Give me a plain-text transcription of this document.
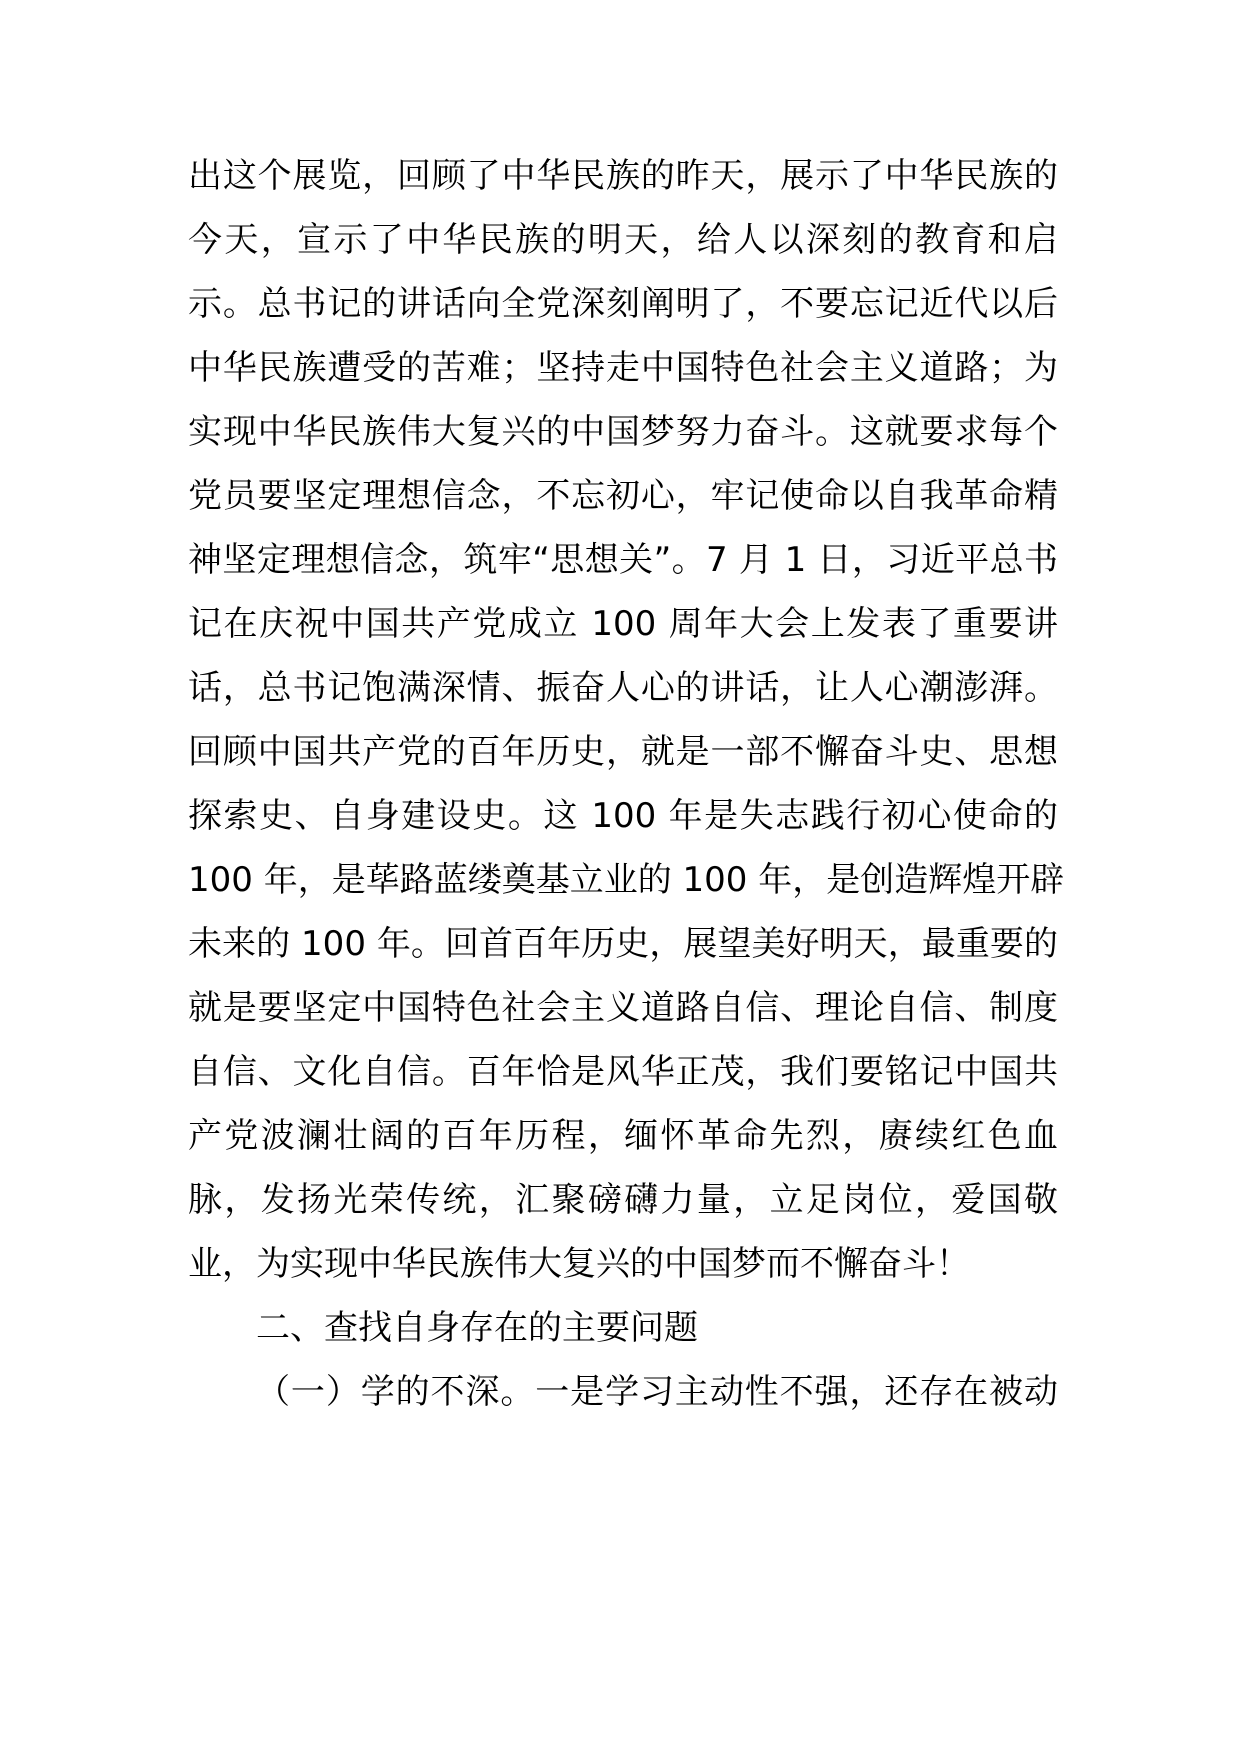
出这个展览，回顾了中华民族的昨天，展示了中华民族的
今天，宣示了中华民族的明天，给人以深刻的教育和启
示。总书记的讲话向全党深刻阐明了，不要忘记近代以后
中华民族遭受的苦难；坚持走中国特色社会主义道路；为
实现中华民族伟大复兴的中国梦努力奋斗。这就要求每个
党员要坚定理想信念，不忘初心，牢记使命以自我革命精
神坚定理想信念，筑牢“思想关”。7 月 1 日，习近平总书
记在庆祝中国共产党成立 100 周年大会上发表了重要讲
话，总书记饱满深情、振奋人心的讲话，让人心潮澎湃。
回顾中国共产党的百年历史，就是一部不懈奋斗史、思想
探索史、自身建设史。这 100 年是失志践行初心使命的
100 年，是荜路蓝缕奠基立业的 100 年，是创造辉煌开辟
未来的 100 年。回首百年历史，展望美好明天，最重要的
就是要坚定中国特色社会主义道路自信、理论自信、制度
自信、文化自信。百年恰是风华正茂，我们要铭记中国共
产党波澜壮阔的百年历程，缅怀革命先烈，赓续红色血
脉，发扬光荣传统，汇聚磅礴力量，立足岗位，爱国敬
业，为实现中华民族伟大复兴的中国梦而不懈奋斗！
二、查找自身存在的主要问题
（一）学的不深。一是学习主动性不强，还存在被动
